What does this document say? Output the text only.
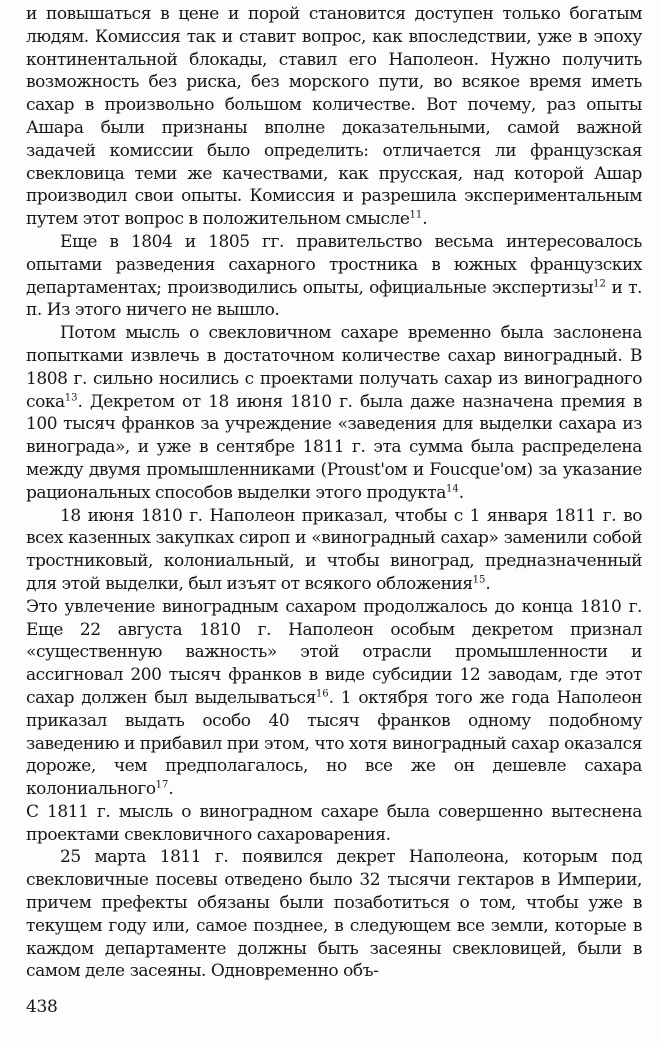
и повышаться в цене и порой становится доступен только богатым людям. Комиссия так и ставит вопрос, как впоследствии, уже в эпоху континентальной блокады, ставил его Наполеон. Нужно получить возможность без риска, без морского пути, во всякое время иметь сахар в произвольно большом количестве. Вот почему, раз опыты Ашара были признаны вполне доказательными, самой важной задачей комиссии было определить: отличается ли французская свекловица теми же качествами, как прусская, над которой Ашар производил свои опыты. Комиссия и разрешила экспериментальным путем этот вопрос в положительном смысле$^{11}$.

Еще в 1804 и 1805 гг. правительство весьма интересовалось опытами разведения сахарного тростника в южных французских департаментах; производились опыты, официальные экспертизы$^{12}$ и т. п. Из этого ничего не вышло.

Потом мысль о свекловичном сахаре временно была заслонена попытками извлечь в достаточном количестве сахар виноградный. В 1808 г. сильно носились с проектами получать сахар из виноградного сока$^{13}$. Декретом от 18 июня 1810 г. была даже назначена премия в 100 тысяч франков за учреждение «заведения для выделки сахара из винограда», и уже в сентябре 1811 г. эта сумма была распределена между двумя промышленниками (Proust'ом и Foucque'ом) за указание рациональных способов выделки этого продукта$^{14}$.

18 июня 1810 г. Наполеон приказал, чтобы с 1 января 1811 г. во всех казенных закупках сироп и «виноградный сахар» заменили собой тростниковый, колониальный, и чтобы виноград, предназначенный для этой выделки, был изъят от всякого обложения$^{15}$.

Это увлечение виноградным сахаром продолжалось до конца 1810 г. Еще 22 августа 1810 г. Наполеон особым декретом признал «существенную важность» этой отрасли промышленности и ассигновал 200 тысяч франков в виде субсидии 12 заводам, где этот сахар должен был выделываться$^{16}$. 1 октября того же года Наполеон приказал выдать особо 40 тысяч франков одному подобному заведению и прибавил при этом, что хотя виноградный сахар оказался дороже, чем предполагалось, но все же он дешевле сахара колониального$^{17}$.

С 1811 г. мысль о виноградном сахаре была совершенно вытеснена проектами свекловичного сахароварения.

25 марта 1811 г. появился декрет Наполеона, которым под свекловичные посевы отведено было 32 тысячи гектаров в Империи, причем префекты обязаны были позаботиться о том, чтобы уже в текущем году или, самое позднее, в следующем все земли, которые в каждом департаменте должны быть засеяны свекловицей, были в самом деле засеяны. Одновременно объ-

438
